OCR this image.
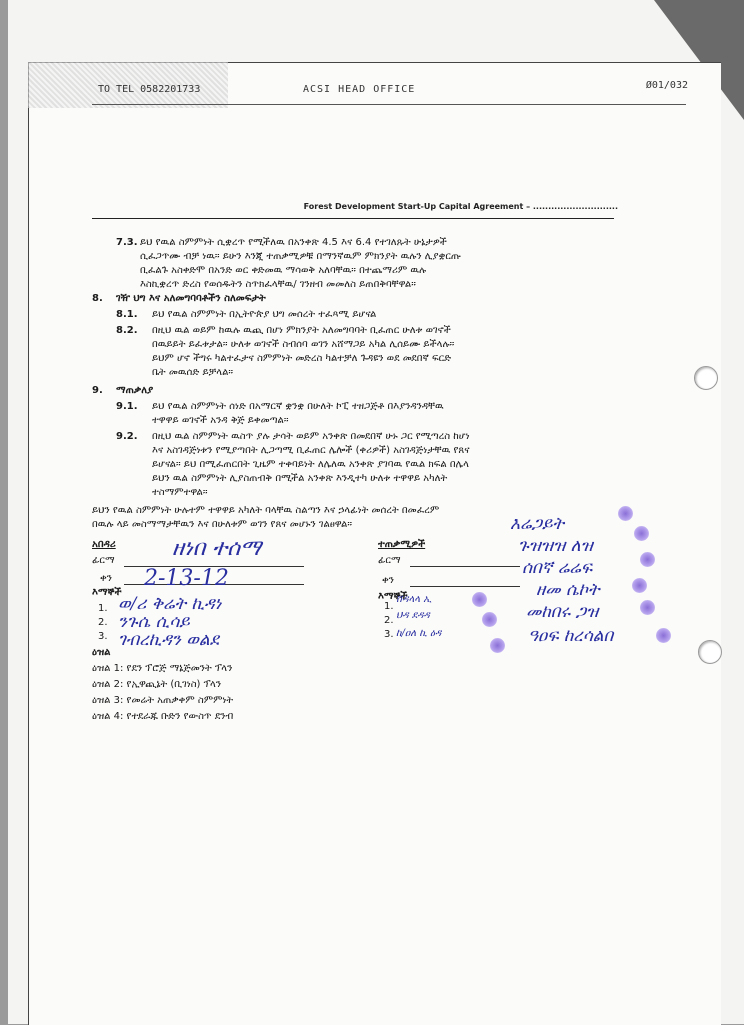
TO TEL 0582201733	ACSI HEAD OFFICE	Ø01/032
Forest Development Start-Up Capital Agreement – ............................
7.3. ይህ የዉል ስምምነት ሲቋረጥ የሚችለዉ በአንቀጽ 4.5 እና 6.4 የተገለጹት ሁኔታዎች
ሲፈጋጥሙ ብቻ ነዉ። ይሁን እንጂ ተጠቃሚዎቹ በማንኛዉም ምክንያት ዉሉን ሊያቋርጡ
ቢፈልጉ አስቀድሞ በአንድ ወር ቀድመዉ ማሳወቅ አለባቸዉ። በተጨማሪም ዉሉ
እስኪቋረጥ ድረስ የወሰዱትን ስጥክፈላቸዉ/ ገንዘብ መመለስ ይጠበቅባቸዋል።
8. ገዥ ህግ እና አለመግባባቶችን ስለመፍታት
8.1. ይህ የዉል ስምምነት በኢትዮጵያ ህግ መሰረት ተፈጻሚ ይሆናል
8.2. በዚህ ዉል ወይም ከዉሉ ዉጪ በሆነ ምክንያት አለመግባባት ቢፈጠር ሁለቱ ወገኖች
በዉይይት ይፈቱታል። ሁለቱ ወገኖች ስብሰባ ወገን አሸማጋይ አካል ሊሰይሙ ይችላሉ።
ይህም ሆኖ ችግሩ ካልተፈታና ስምምነት መድረስ ካልተቻለ ጉዳዩን ወደ መደበኛ ፍርድ
ቤት መዉሰድ ይቻላል።
9. ማጠቃለያ
9.1. ይህ የዉል ስምምነት ሰነድ በአማርኛ ቋንቋ በሁለት ኮፒ ተዘጋጅቶ በእያንዳንዳቸዉ
ተዋዋይ ወገኖች አንዳ ቅጅ ይቀመጣል።
9.2. በዚህ ዉል ስምምነት ዉስጥ ያሉ ታሳት ወይም አንቀጽ በመደበኛ ሁኑ ጋር የሚጣረስ ከሆነ
እና አስገዳጅነቱን የሚያጣበት ሊጋጣሚ ቢፈጠር ሌሎች (ቀሪዎች) አስገዳጅነታቸዉ የጸና
ይሆናል። ይህ በሚፈጠርበት ጊዜም ተቀባይነት ለሌለዉ አንቀጽ ያገባዉ የዉል ክፍል በሌላ
ይህን ዉል ስምምነት ሊያስጠብቅ በሚችል አንቀጽ እንዲተካ ሁለቱ ተዋዋይ አካለት
ተስማምተዋል።
ይህን የዉል ስምምነት ሁሉተም ተዋዋይ አካለት ባላቸዉ ስልጣን እና ኃላፊነት መሰረት በመፈረም
በዉሉ ላይ መስማማታቸዉን እና በሁለቱም ወገን የጸና መሆኑን ገልፀዋል።
አበዳሪ
ፊርማ
ቀን
እማኞች
1.
2.
3.
ተጠቃሚዎች
ፊርማ
ቀን
እማኞች
1.
2.
3.
ዕዝል
ዕዝል 1: የደን ፕሮጅ ማኔጅመንት ፕላን
ዕዝል 2: የኢዋጪኔት (ቢገነስ) ፕላን
ዕዝል 3: የመሬት አጠቃቀም ስምምነት
ዕዝል 4: የተደራጁ ቡድን የውስጥ ደንብ
ዘነበ ተሰማ
2-13-12
ወ/ሪ ቅሬት ኪዳነ
ንጉሴ ሲሳይ
ገብረኪዳን ወልደ
እሬጋይት
ጉዝዝዝ ለዝ
ሰበኛ ሬሬፍ
ዘመ ሴኮት
መከበሩ ጋዝ
ዓዐፍ ከረሳልበ
ሸዳላላ ኢ
ህዳ ደዳዳ
ከ/ዐለ ኪ ዕዳ
